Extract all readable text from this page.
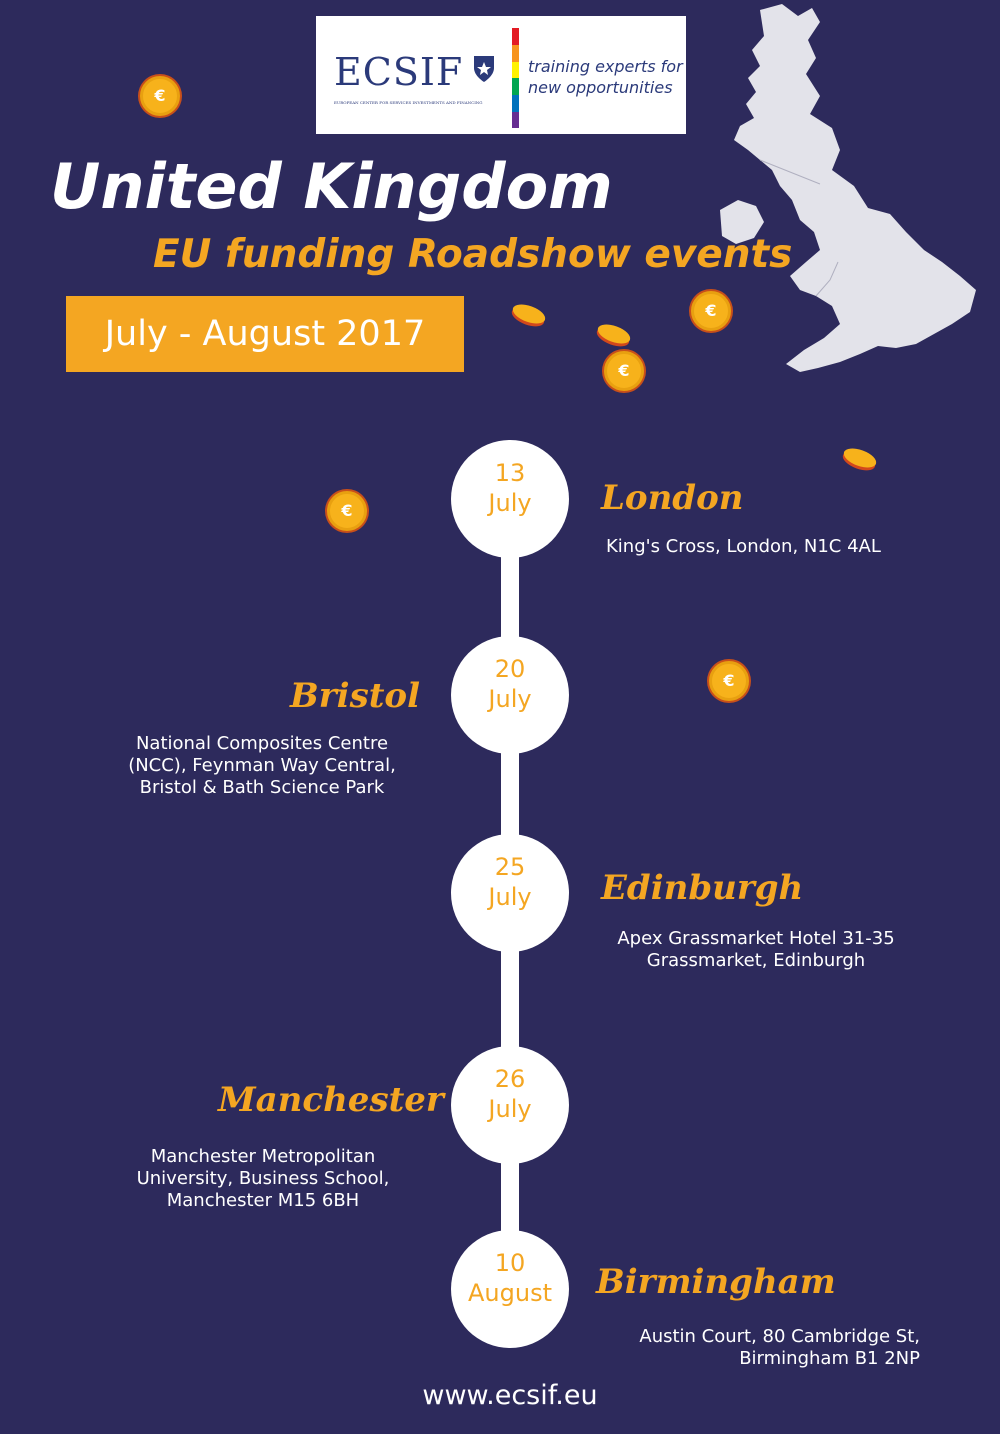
ECSIF
EUROPEAN CENTER FOR SERVICES INVESTMENTS AND FINANCING
training experts for new opportunities
United Kingdom
EU funding Roadshow events
July - August 2017
€
€
€
€
€
13
July	London
King's Cross, London, N1C 4AL
20
July
Bristol
National Composites Centre (NCC), Feynman Way Central, Bristol & Bath Science Park
25
July	Edinburgh
Apex Grassmarket Hotel 31-35 Grassmarket, Edinburgh
26
July
Manchester
Manchester Metropolitan University, Business School, Manchester M15 6BH
10
August	Birmingham
Austin Court, 80 Cambridge St, Birmingham B1 2NP
www.ecsif.eu
